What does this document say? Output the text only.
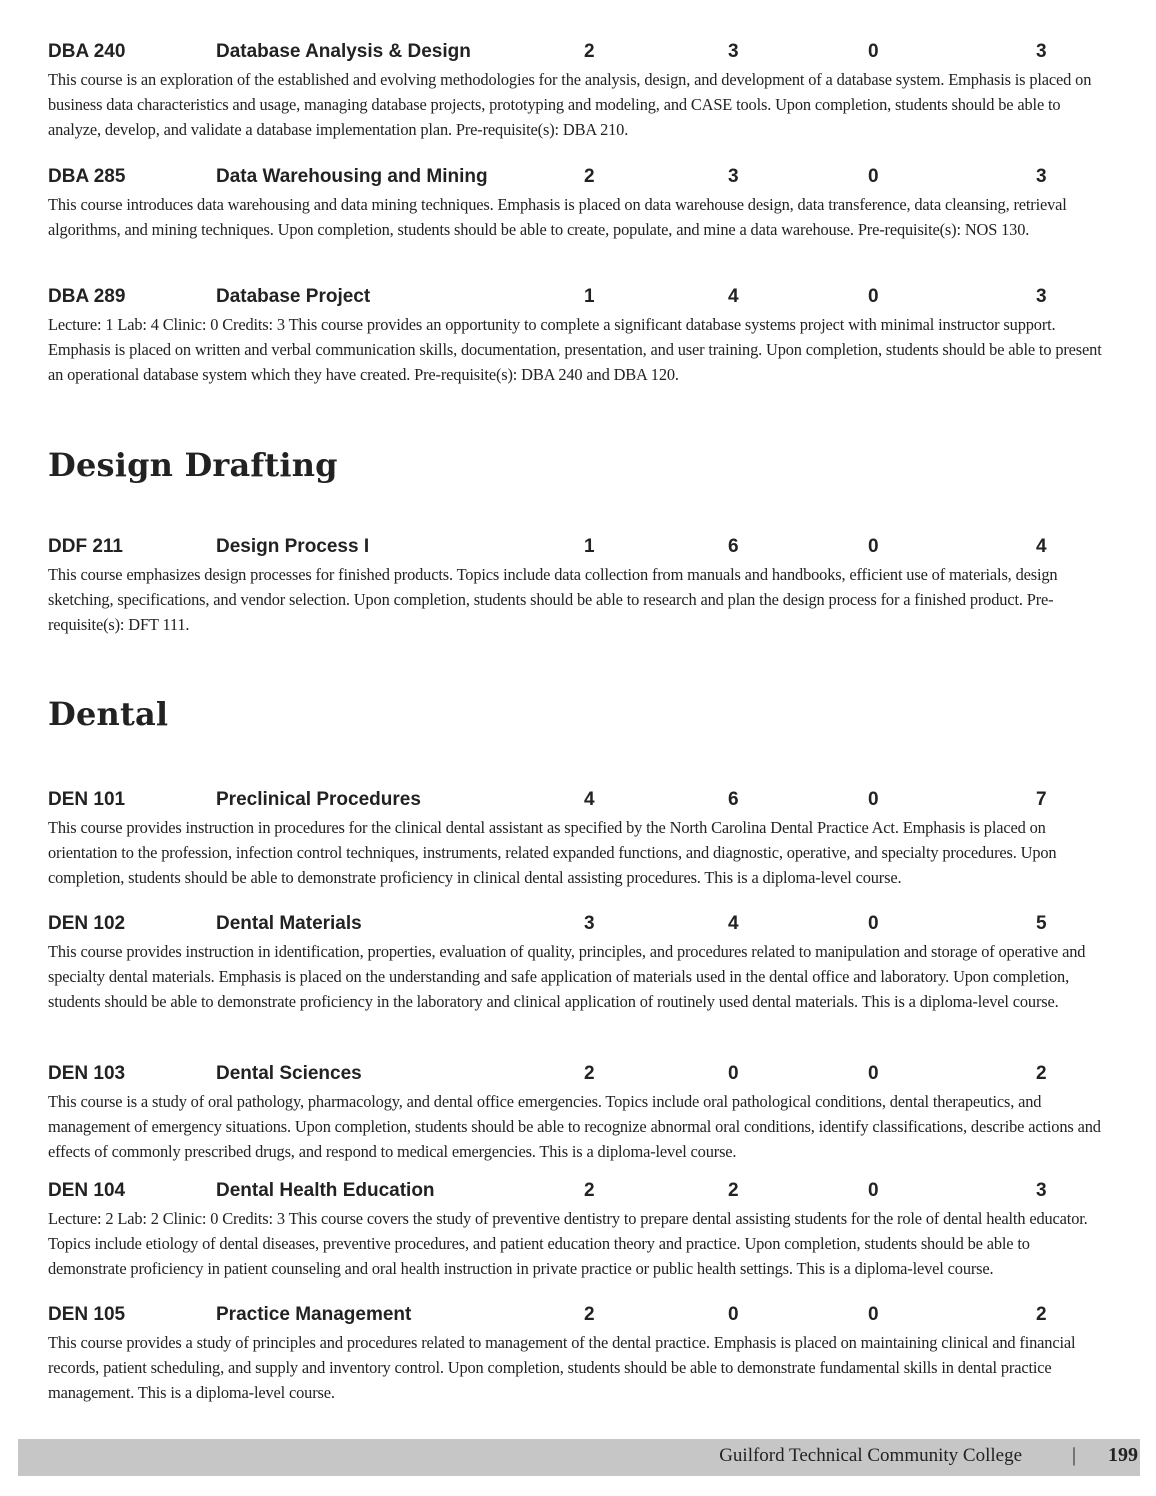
DBA 240	Database Analysis & Design	2	3	0	3

This course is an exploration of the established and evolving methodologies for the analysis, design, and development of a database system. Emphasis is placed on business data characteristics and usage, managing database projects, prototyping and modeling, and CASE tools. Upon completion, students should be able to analyze, develop, and validate a database implementation plan. Pre-requisite(s): DBA 210.

DBA 285	Data Warehousing and Mining	2	3	0	3

This course introduces data warehousing and data mining techniques. Emphasis is placed on data warehouse design, data transference, data cleansing, retrieval algorithms, and mining techniques. Upon completion, students should be able to create, populate, and mine a data warehouse. Pre-requisite(s): NOS 130.

DBA 289	Database Project	1	4	0	3

Lecture: 1 Lab: 4 Clinic: 0 Credits: 3 This course provides an opportunity to complete a significant database systems project with minimal instructor support. Emphasis is placed on written and verbal communication skills, documentation, presentation, and user training. Upon completion, students should be able to present an operational database system which they have created. Pre-requisite(s): DBA 240 and DBA 120.

Design Drafting
DDF 211	Design Process I	1	6	0	4

This course emphasizes design processes for finished products. Topics include data collection from manuals and handbooks, efficient use of materials, design sketching, specifications, and vendor selection. Upon completion, students should be able to research and plan the design process for a finished product. Pre-requisite(s): DFT 111.

Dental
DEN 101	Preclinical Procedures	4	6	0	7

This course provides instruction in procedures for the clinical dental assistant as specified by the North Carolina Dental Practice Act. Emphasis is placed on orientation to the profession, infection control techniques, instruments, related expanded functions, and diagnostic, operative, and specialty procedures. Upon completion, students should be able to demonstrate proficiency in clinical dental assisting procedures. This is a diploma-level course.

DEN 102	Dental Materials	3	4	0	5

This course provides instruction in identification, properties, evaluation of quality, principles, and procedures related to manipulation and storage of operative and specialty dental materials. Emphasis is placed on the understanding and safe application of materials used in the dental office and laboratory. Upon completion, students should be able to demonstrate proficiency in the laboratory and clinical application of routinely used dental materials. This is a diploma-level course.

DEN 103	Dental Sciences	2	0	0	2

This course is a study of oral pathology, pharmacology, and dental office emergencies. Topics include oral pathological conditions, dental therapeutics, and management of emergency situations. Upon completion, students should be able to recognize abnormal oral conditions, identify classifications, describe actions and effects of commonly prescribed drugs, and respond to medical emergencies. This is a diploma-level course.

DEN 104	Dental Health Education	2	2	0	3

Lecture: 2 Lab: 2 Clinic: 0 Credits: 3 This course covers the study of preventive dentistry to prepare dental assisting students for the role of dental health educator. Topics include etiology of dental diseases, preventive procedures, and patient education theory and practice. Upon completion, students should be able to demonstrate proficiency in patient counseling and oral health instruction in private practice or public health settings. This is a diploma-level course.

DEN 105	Practice Management	2	0	0	2

This course provides a study of principles and procedures related to management of the dental practice. Emphasis is placed on maintaining clinical and financial records, patient scheduling, and supply and inventory control. Upon completion, students should be able to demonstrate fundamental skills in dental practice management. This is a diploma-level course.

Guilford Technical Community College | 199
